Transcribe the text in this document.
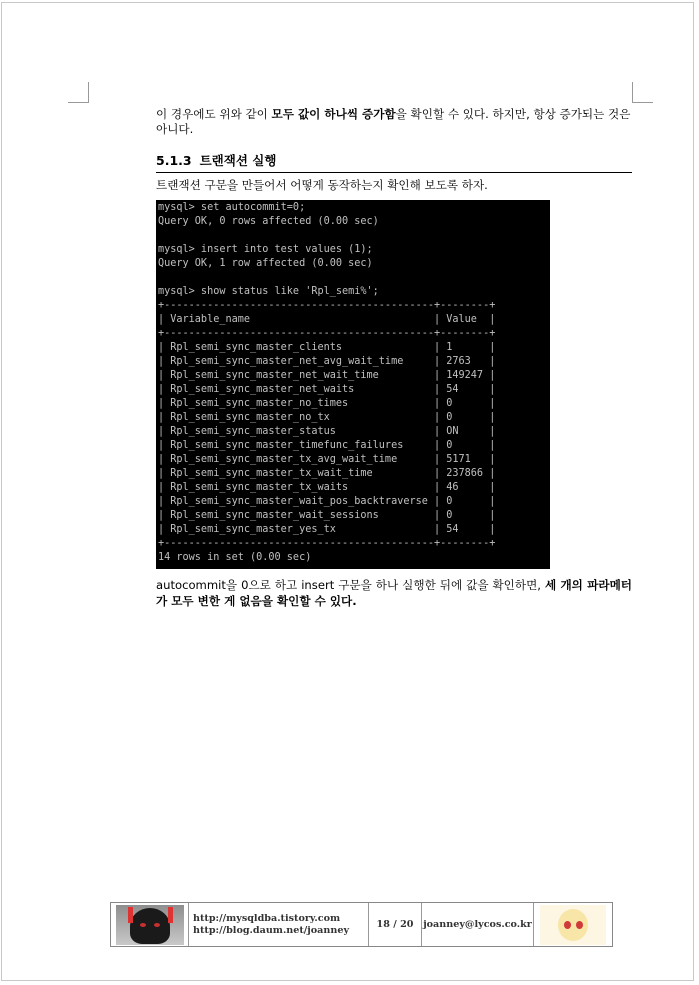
이 경우에도 위와 같이 모두 값이 하나씩 증가함을 확인할 수 있다. 하지만, 항상 증가되는 것은 아니다.
5.1.3 트랜잭션 실행
트랜잭션 구문을 만들어서 어떻게 동작하는지 확인해 보도록 하자.
mysql> set autocommit=0;
Query OK, 0 rows affected (0.00 sec)
mysql> insert into test values (1);
Query OK, 1 row affected (0.00 sec)
mysql> show status like 'Rpl_semi%';
+--------------------------------------------+--------+
| Variable_name                              | Value  |
+--------------------------------------------+--------+
| Rpl_semi_sync_master_clients               | 1      |
| Rpl_semi_sync_master_net_avg_wait_time     | 2763   |
| Rpl_semi_sync_master_net_wait_time         | 149247 |
| Rpl_semi_sync_master_net_waits             | 54     |
| Rpl_semi_sync_master_no_times              | 0      |
| Rpl_semi_sync_master_no_tx                 | 0      |
| Rpl_semi_sync_master_status                | ON     |
| Rpl_semi_sync_master_timefunc_failures     | 0      |
| Rpl_semi_sync_master_tx_avg_wait_time      | 5171   |
| Rpl_semi_sync_master_tx_wait_time          | 237866 |
| Rpl_semi_sync_master_tx_waits              | 46     |
| Rpl_semi_sync_master_wait_pos_backtraverse | 0      |
| Rpl_semi_sync_master_wait_sessions         | 0      |
| Rpl_semi_sync_master_yes_tx                | 54     |
+--------------------------------------------+--------+
14 rows in set (0.00 sec)
autocommit을 0으로 하고 insert 구문을 하나 실행한 뒤에 값을 확인하면, 세 개의 파라메터가 모두 변한 게 없음을 확인할 수 있다.
http://mysqldba.tistory.com
http://blog.daum.net/joanney	18 / 20	joanney@lycos.co.kr
